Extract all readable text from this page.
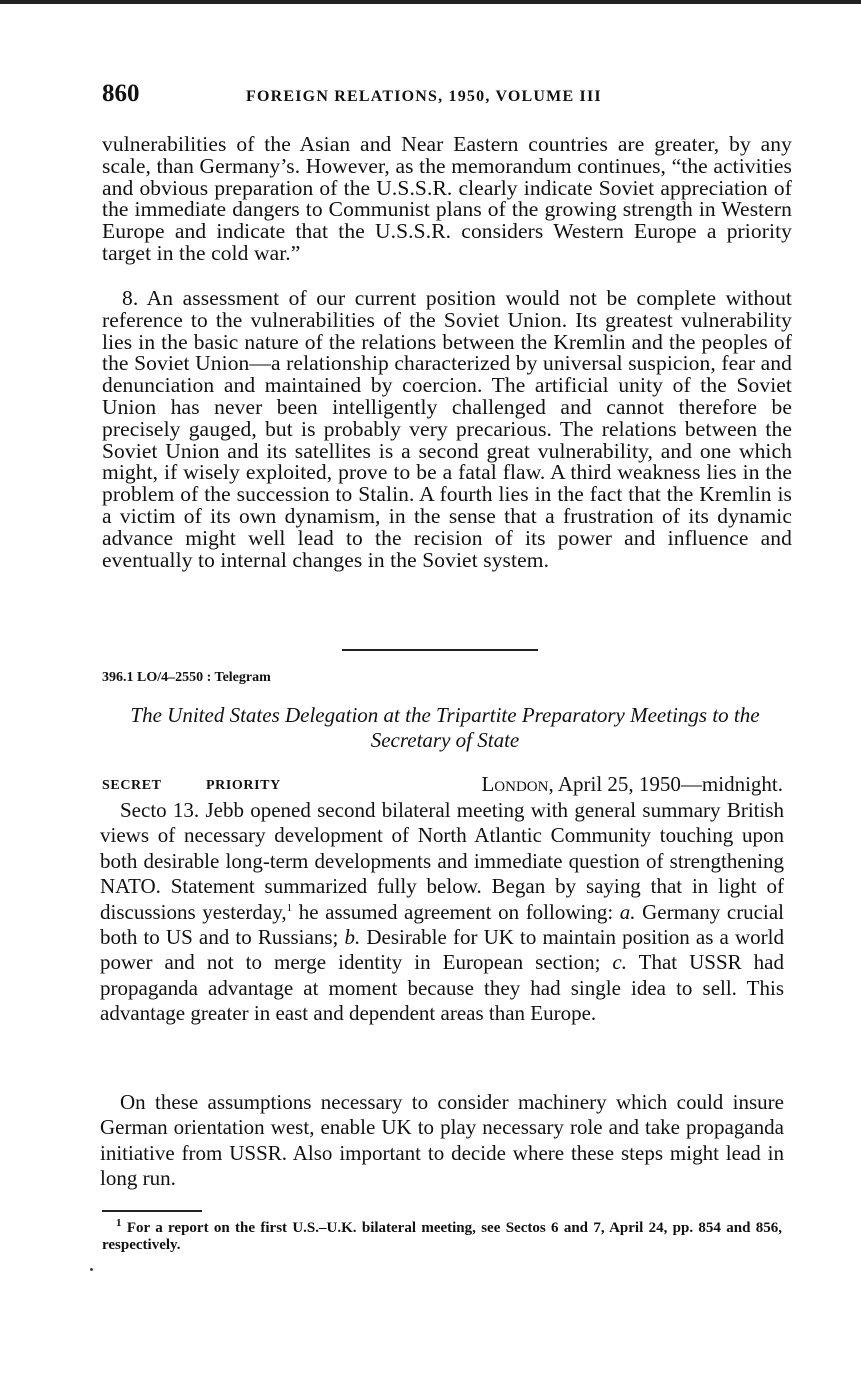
860	FOREIGN RELATIONS, 1950, VOLUME III

vulnerabilities of the Asian and Near Eastern countries are greater, by any scale, than Germany’s. However, as the memorandum continues, “the activities and obvious preparation of the U.S.S.R. clearly indicate Soviet appreciation of the immediate dangers to Communist plans of the growing strength in Western Europe and indicate that the U.S.S.R. considers Western Europe a priority target in the cold war.”

8. An assessment of our current position would not be complete without reference to the vulnerabilities of the Soviet Union. Its greatest vulnerability lies in the basic nature of the relations between the Kremlin and the peoples of the Soviet Union—a relationship characterized by universal suspicion, fear and denunciation and maintained by coercion. The artificial unity of the Soviet Union has never been intelligently challenged and cannot therefore be precisely gauged, but is probably very precarious. The relations between the Soviet Union and its satellites is a second great vulnerability, and one which might, if wisely exploited, prove to be a fatal flaw. A third weakness lies in the problem of the succession to Stalin. A fourth lies in the fact that the Kremlin is a victim of its own dynamism, in the sense that a frustration of its dynamic advance might well lead to the recision of its power and influence and eventually to internal changes in the Soviet system.

396.1 LO/4–2550 : Telegram

The United States Delegation at the Tripartite Preparatory Meetings to the Secretary of State

SECRET	PRIORITY	London, April 25, 1950—midnight.

Secto 13. Jebb opened second bilateral meeting with general summary British views of necessary development of North Atlantic Community touching upon both desirable long-term developments and immediate question of strengthening NATO. Statement summarized fully below. Began by saying that in light of discussions yesterday,$^1$ he assumed agreement on following: a. Germany crucial both to US and to Russians; b. Desirable for UK to maintain position as a world power and not to merge identity in European section; c. That USSR had propaganda advantage at moment because they had single idea to sell. This advantage greater in east and dependent areas than Europe.

On these assumptions necessary to consider machinery which could insure German orientation west, enable UK to play necessary role and take propaganda initiative from USSR. Also important to decide where these steps might lead in long run.

$^1$ For a report on the first U.S.–U.K. bilateral meeting, see Sectos 6 and 7, April 24, pp. 854 and 856, respectively.
